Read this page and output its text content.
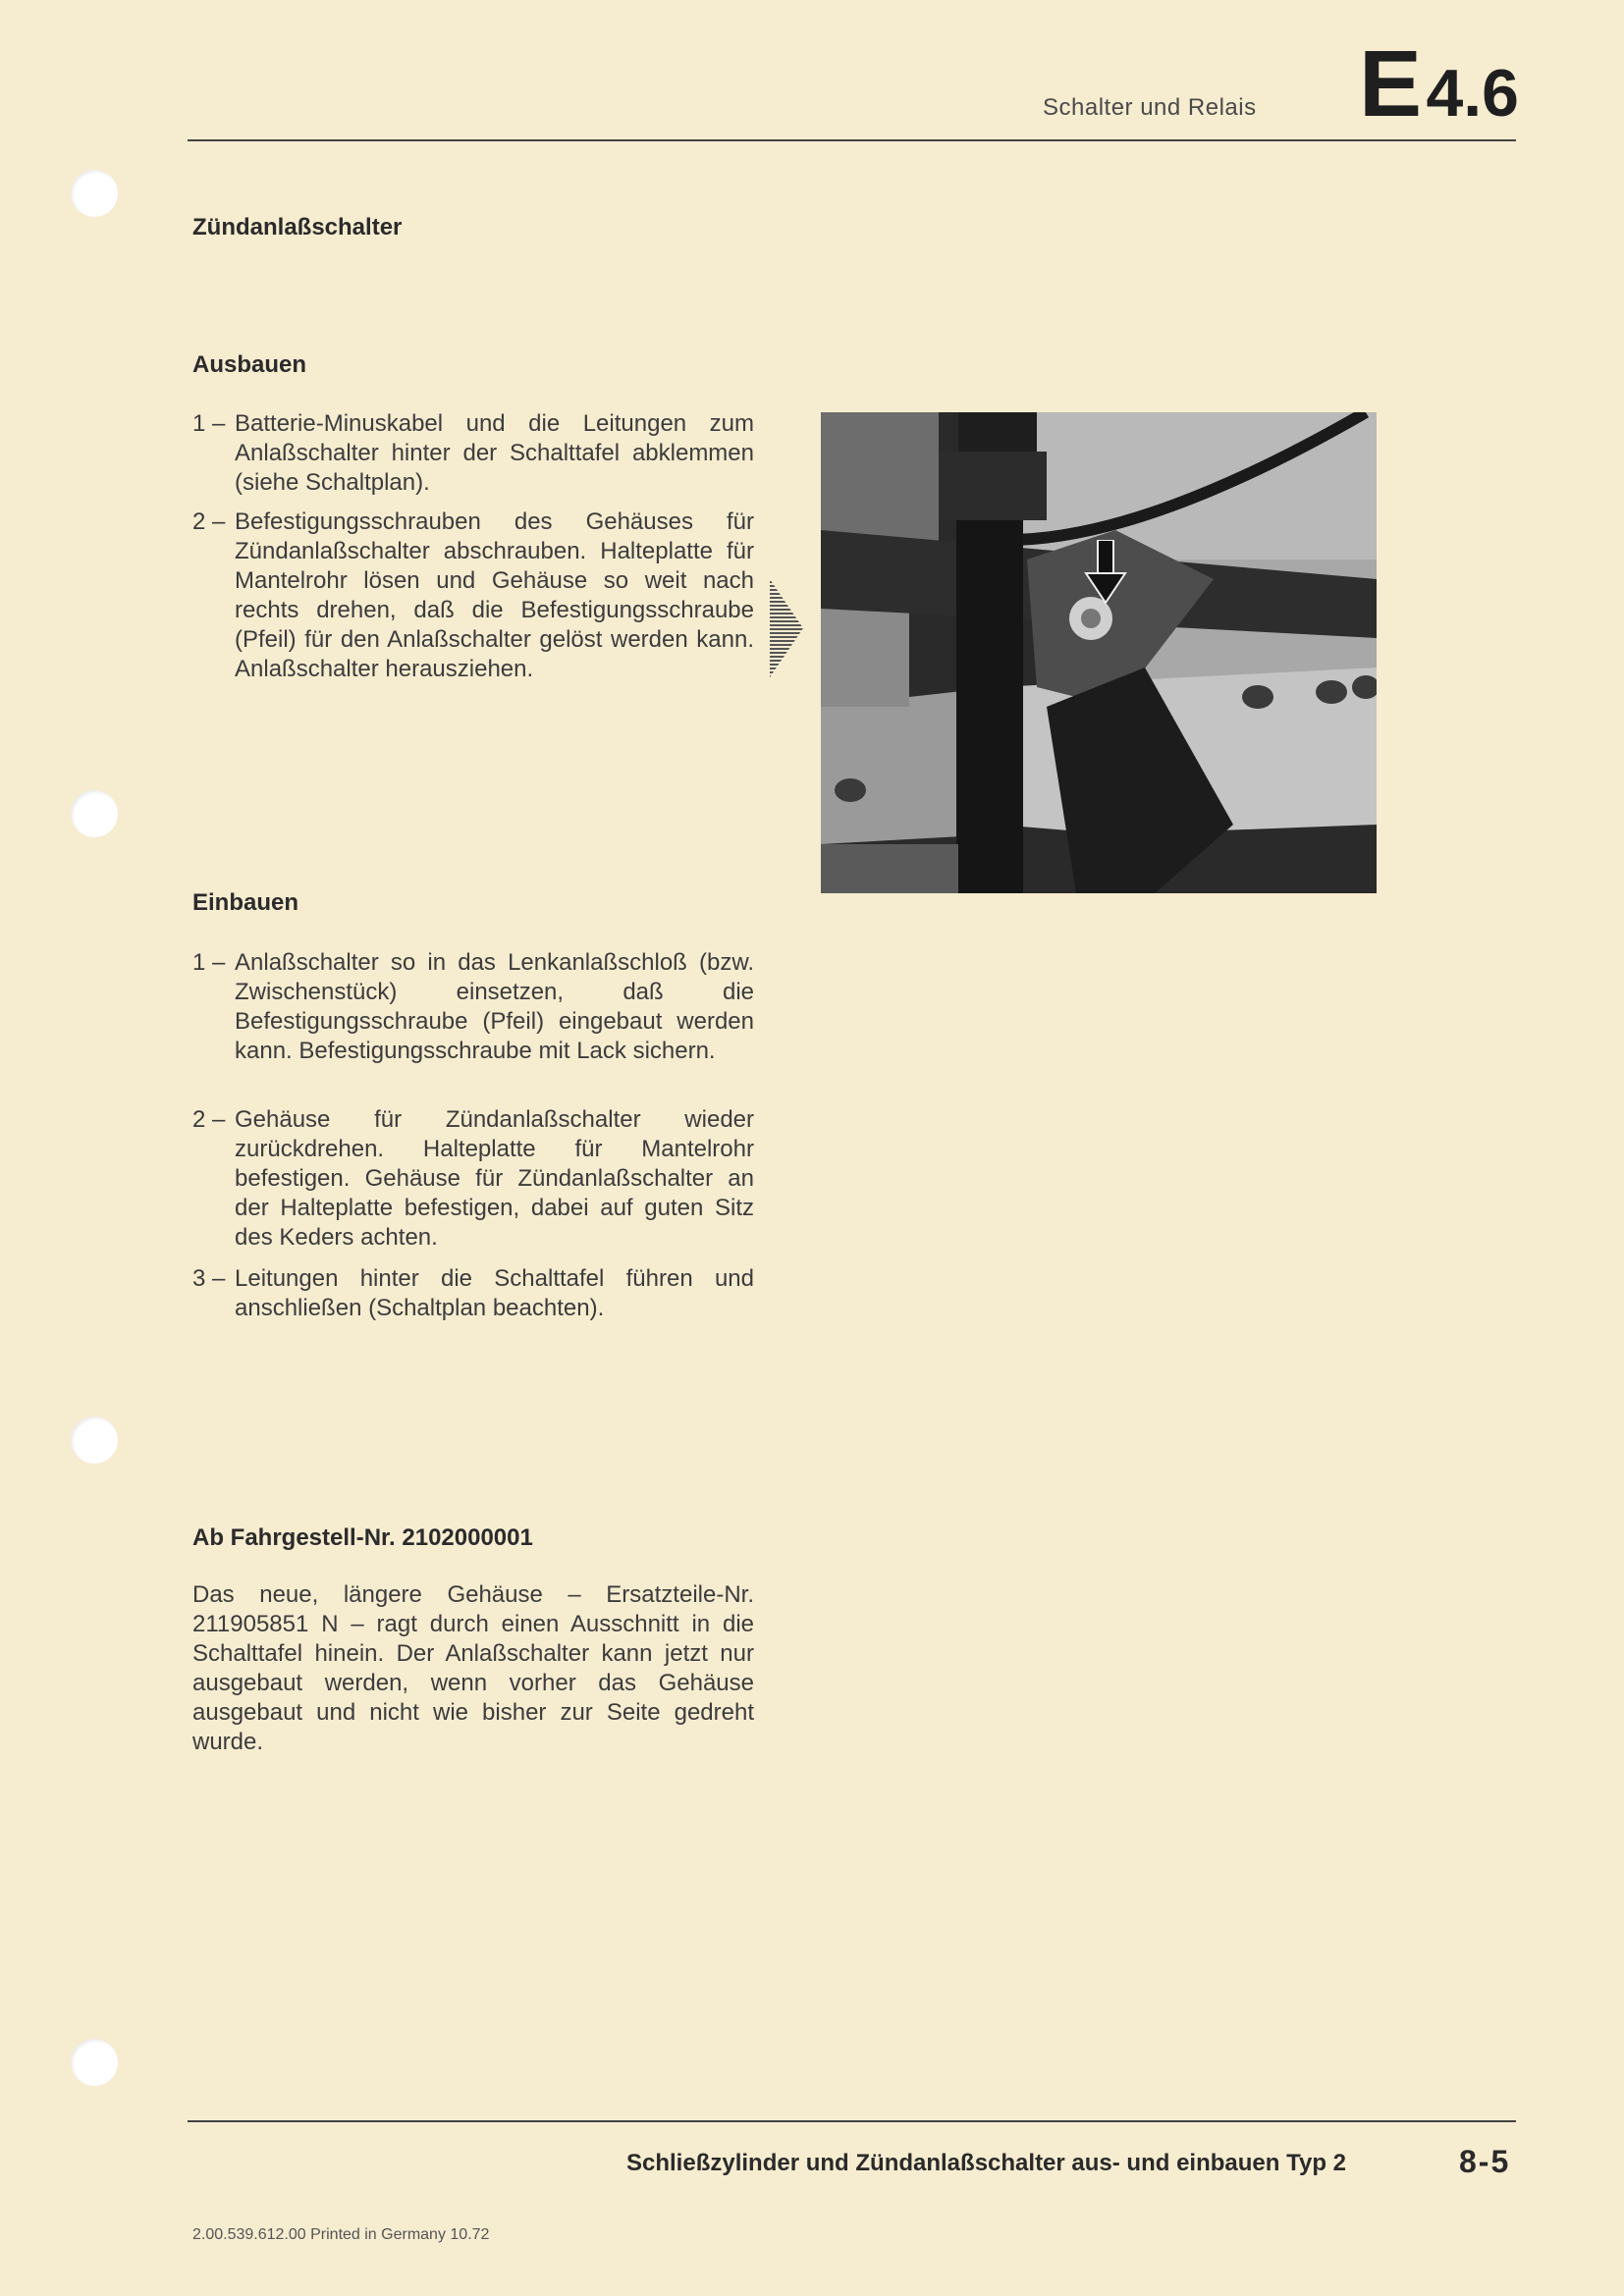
Schalter und Relais E 4.6
Zündanlaßschalter
Ausbauen
1 – Batterie-Minuskabel und die Leitungen zum Anlaßschalter hinter der Schalttafel abklemmen (siehe Schaltplan).
2 – Befestigungsschrauben des Gehäuses für Zündanlaßschalter abschrauben. Halteplatte für Mantelrohr lösen und Gehäuse so weit nach rechts drehen, daß die Befestigungsschraube (Pfeil) für den Anlaßschalter gelöst werden kann. Anlaßschalter herausziehen.
Einbauen
1 – Anlaßschalter so in das Lenkanlaßschloß (bzw. Zwischenstück) einsetzen, daß die Befestigungsschraube (Pfeil) eingebaut werden kann. Befestigungsschraube mit Lack sichern.
2 – Gehäuse für Zündanlaßschalter wieder zurückdrehen. Halteplatte für Mantelrohr befestigen. Gehäuse für Zündanlaßschalter an der Halteplatte befestigen, dabei auf guten Sitz des Keders achten.
3 – Leitungen hinter die Schalttafel führen und anschließen (Schaltplan beachten).
Ab Fahrgestell-Nr. 2102000001
Das neue, längere Gehäuse – Ersatzteile-Nr. 211905851 N – ragt durch einen Ausschnitt in die Schalttafel hinein. Der Anlaßschalter kann jetzt nur ausgebaut werden, wenn vorher das Gehäuse ausgebaut und nicht wie bisher zur Seite gedreht wurde.
Schließzylinder und Zündanlaßschalter aus- und einbauen Typ 2	8-5
2.00.539.612.00 Printed in Germany 10.72
